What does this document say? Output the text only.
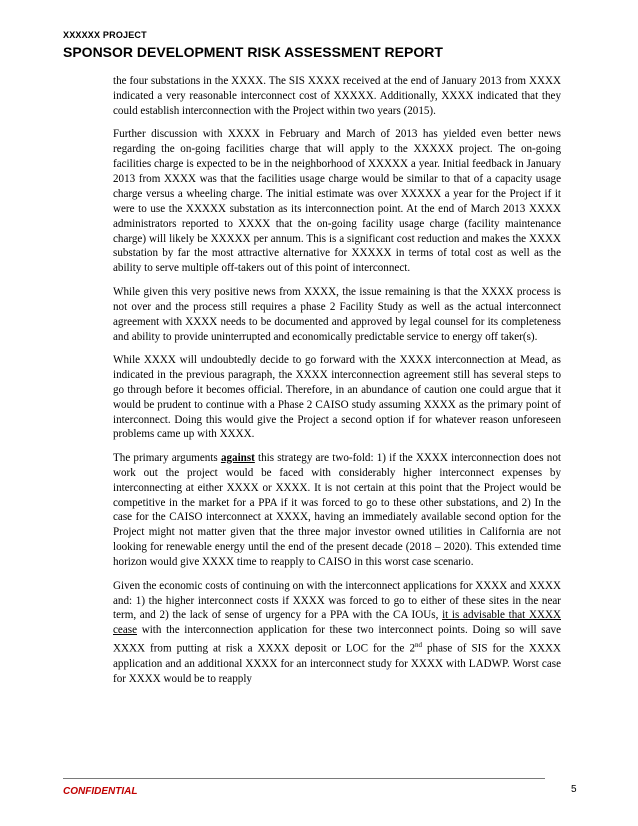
XXXXXX PROJECT
SPONSOR DEVELOPMENT RISK ASSESSMENT REPORT

the four substations in the XXXX. The SIS XXXX received at the end of January 2013 from XXXX indicated a very reasonable interconnect cost of XXXXX. Additionally, XXXX indicated that they could establish interconnection with the Project within two years (2015).

Further discussion with XXXX in February and March of 2013 has yielded even better news regarding the on-going facilities charge that will apply to the XXXXX project. The on-going facilities charge is expected to be in the neighborhood of XXXXX a year. Initial feedback in January 2013 from XXXX was that the facilities usage charge would be similar to that of a capacity usage charge versus a wheeling charge. The initial estimate was over XXXXX a year for the Project if it were to use the XXXXX substation as its interconnection point. At the end of March 2013 XXXX administrators reported to XXXX that the on-going facility usage charge (facility maintenance charge) will likely be XXXXX per annum. This is a significant cost reduction and makes the XXXX substation by far the most attractive alternative for XXXXX in terms of total cost as well as the ability to serve multiple off-takers out of this point of interconnect.

While given this very positive news from XXXX, the issue remaining is that the XXXX process is not over and the process still requires a phase 2 Facility Study as well as the actual interconnect agreement with XXXX needs to be documented and approved by legal counsel for its completeness and ability to provide uninterrupted and economically predictable service to energy off taker(s).

While XXXX will undoubtedly decide to go forward with the XXXX interconnection at Mead, as indicated in the previous paragraph, the XXXX interconnection agreement still has several steps to go through before it becomes official. Therefore, in an abundance of caution one could argue that it would be prudent to continue with a Phase 2 CAISO study assuming XXXX as the primary point of interconnect. Doing this would give the Project a second option if for whatever reason unforeseen problems came up with XXXX.

The primary arguments against this strategy are two-fold: 1) if the XXXX interconnection does not work out the project would be faced with considerably higher interconnect expenses by interconnecting at either XXXX or XXXX. It is not certain at this point that the Project would be competitive in the market for a PPA if it was forced to go to these other substations, and 2) In the case for the CAISO interconnect at XXXX, having an immediately available second option for the Project might not matter given that the three major investor owned utilities in California are not looking for renewable energy until the end of the present decade (2018 – 2020). This extended time horizon would give XXXX time to reapply to CAISO in this worst case scenario.

Given the economic costs of continuing on with the interconnect applications for XXXX and XXXX and: 1) the higher interconnect costs if XXXX was forced to go to either of these sites in the near term, and 2) the lack of sense of urgency for a PPA with the CA IOUs, it is advisable that XXXX cease with the interconnection application for these two interconnect points. Doing so will save XXXX from putting at risk a XXXX deposit or LOC for the 2nd phase of SIS for the XXXX application and an additional XXXX for an interconnect study for XXXX with LADWP. Worst case for XXXX would be to reapply

CONFIDENTIAL	5
